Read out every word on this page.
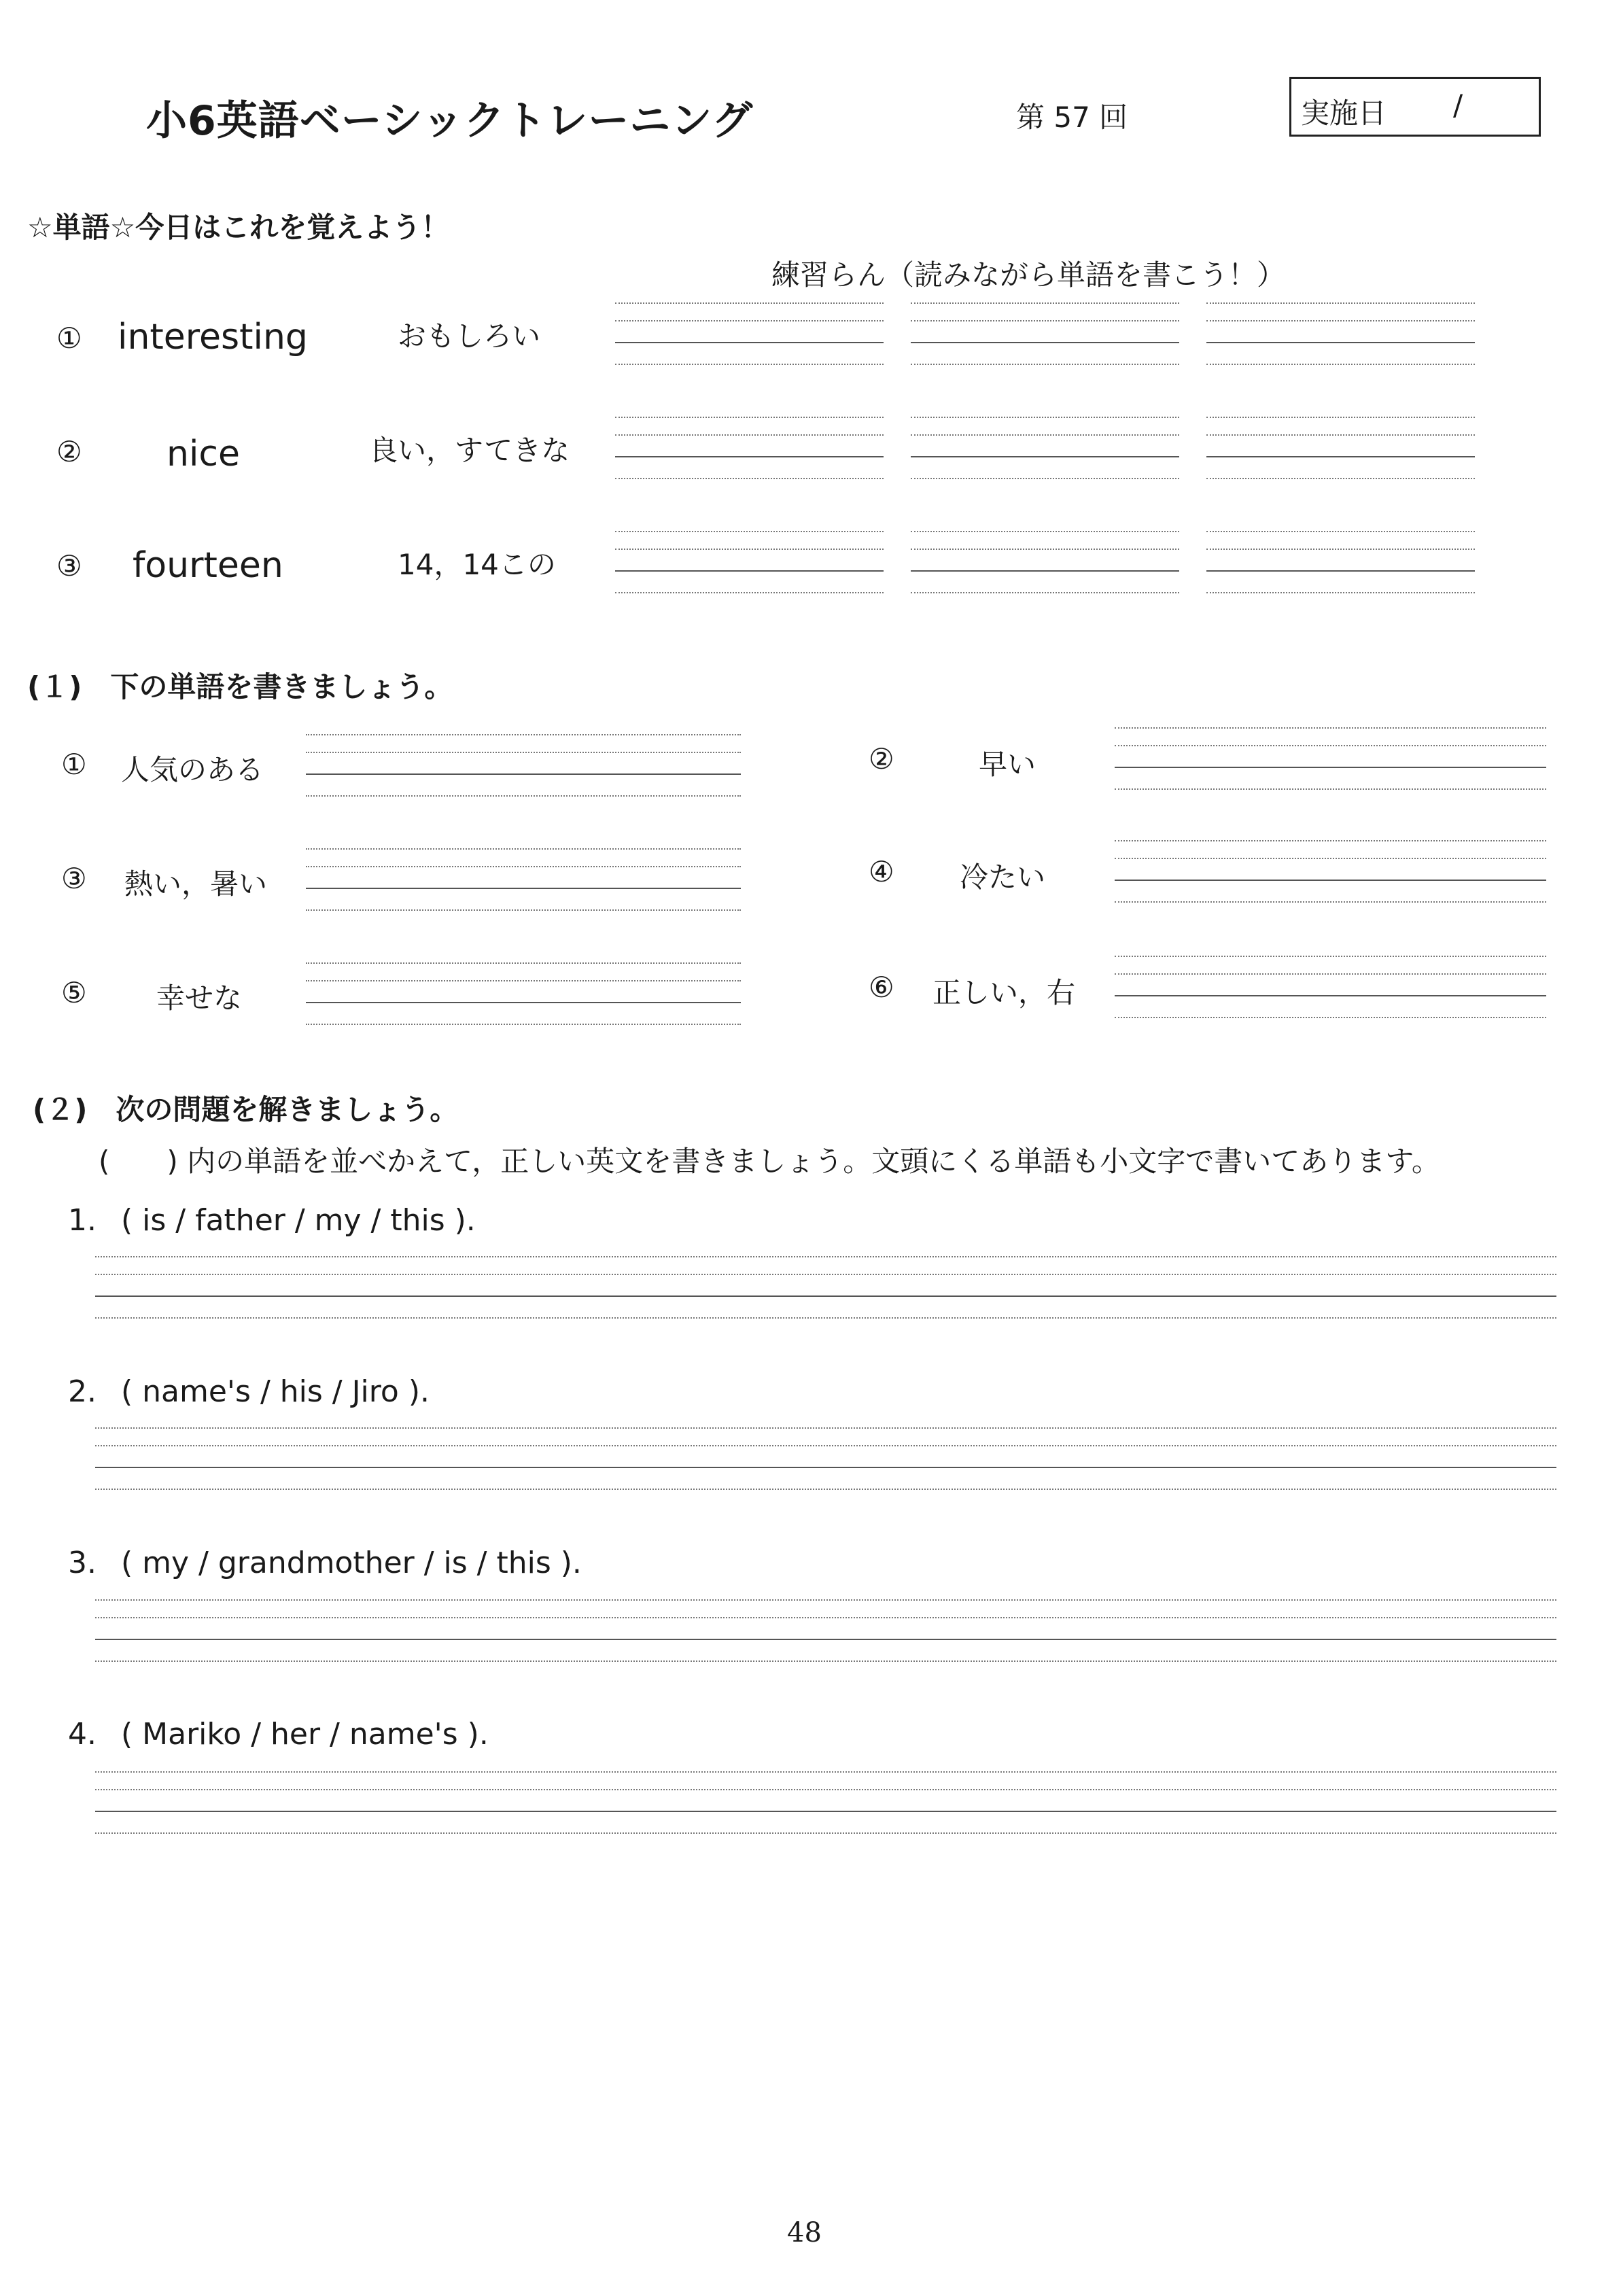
小6英語ベーシックトレーニング	第 57 回	実施日 /
☆単語☆今日はこれを覚えよう！
練習らん（読みながら単語を書こう！）
① interesting	おもしろい
② nice	良い，すてきな
③ fourteen	14，14この
(１)　下の単語を書きましょう。
① 人気のある	②	早い
③ 熱い，暑い	④ 冷たい
⑤ 幸せな	⑥ 正しい，右
(２)　次の問題を解きましょう。
(　　) 内の単語を並べかえて，正しい英文を書きましょう。文頭にくる単語も小文字で書いてあります。
1. ( is / father / my / this ).
2. ( name's / his / Jiro ).
3. ( my / grandmother / is / this ).
4. ( Mariko / her / name's ).
48
